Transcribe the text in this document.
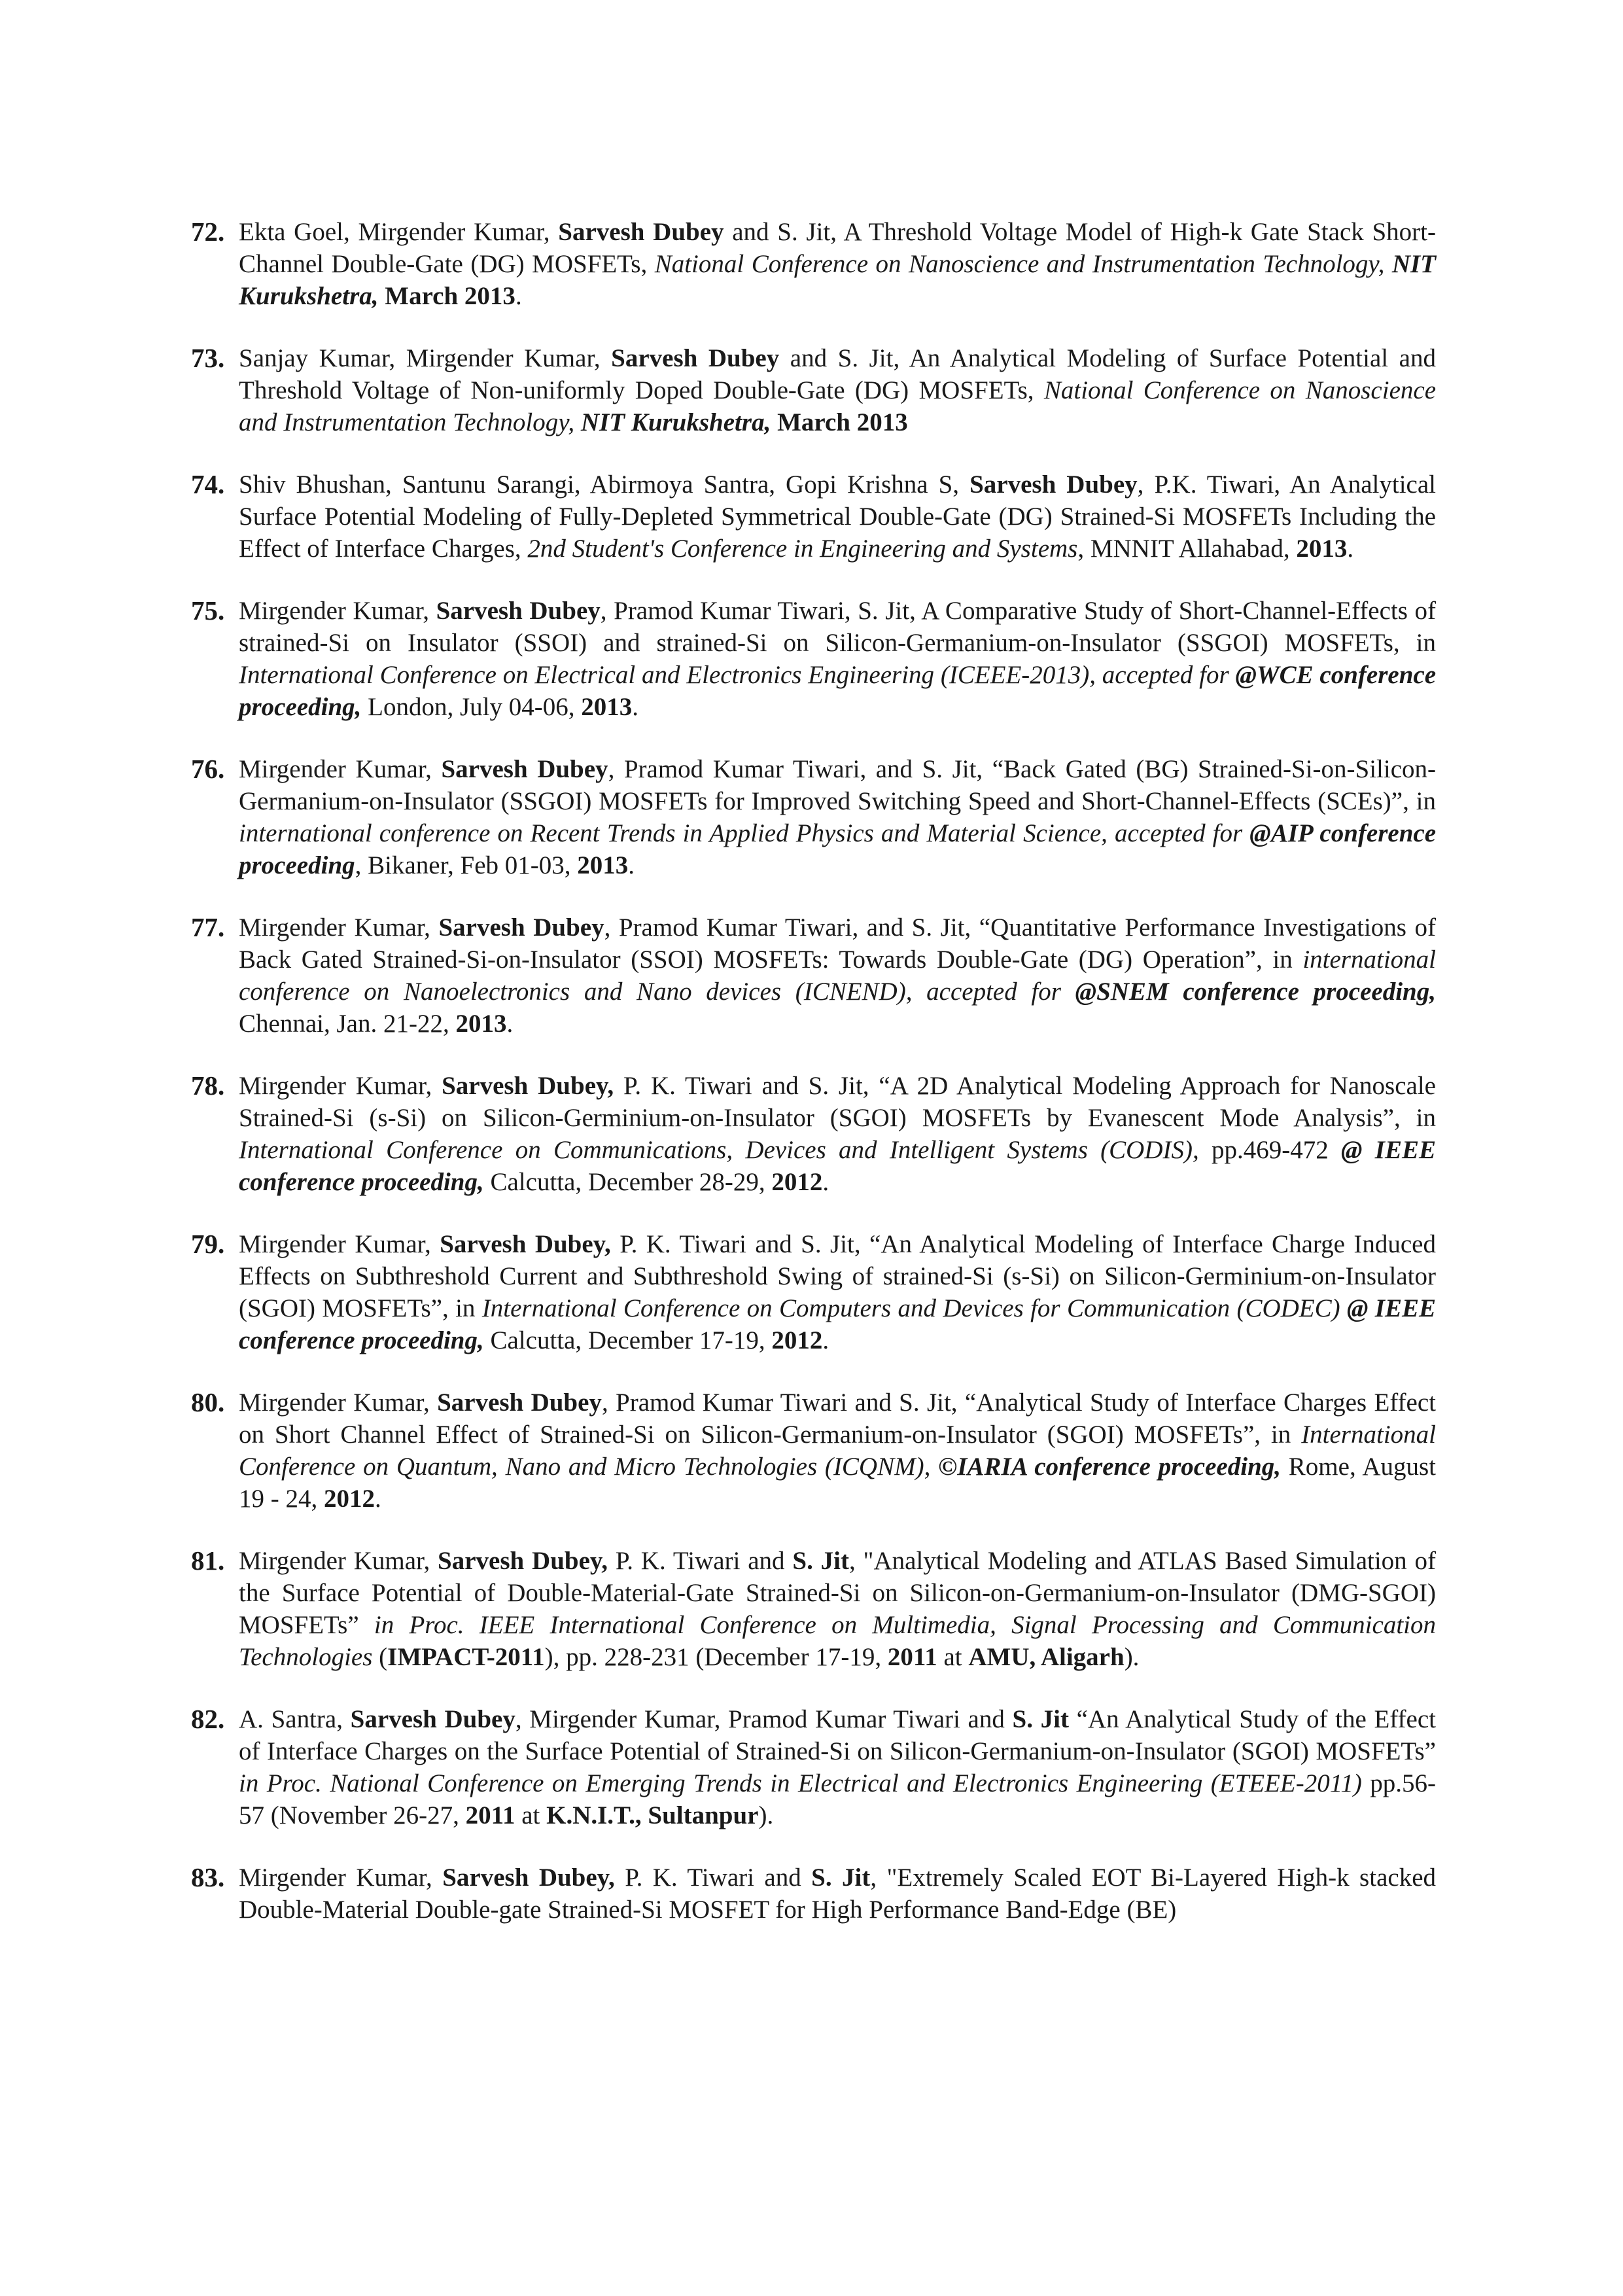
72. Ekta Goel, Mirgender Kumar, Sarvesh Dubey and S. Jit, A Threshold Voltage Model of High-k Gate Stack Short-Channel Double-Gate (DG) MOSFETs, National Conference on Nanoscience and Instrumentation Technology, NIT Kurukshetra, March 2013.
73. Sanjay Kumar, Mirgender Kumar, Sarvesh Dubey and S. Jit, An Analytical Modeling of Surface Potential and Threshold Voltage of Non-uniformly Doped Double-Gate (DG) MOSFETs, National Conference on Nanoscience and Instrumentation Technology, NIT Kurukshetra, March 2013
74. Shiv Bhushan, Santunu Sarangi, Abirmoya Santra, Gopi Krishna S, Sarvesh Dubey, P.K. Tiwari, An Analytical Surface Potential Modeling of Fully-Depleted Symmetrical Double-Gate (DG) Strained-Si MOSFETs Including the Effect of Interface Charges, 2nd Student's Conference in Engineering and Systems, MNNIT Allahabad, 2013.
75. Mirgender Kumar, Sarvesh Dubey, Pramod Kumar Tiwari, S. Jit, A Comparative Study of Short-Channel-Effects of strained-Si on Insulator (SSOI) and strained-Si on Silicon-Germanium-on-Insulator (SSGOI) MOSFETs, in International Conference on Electrical and Electronics Engineering (ICEEE-2013), accepted for @WCE conference proceeding, London, July 04-06, 2013.
76. Mirgender Kumar, Sarvesh Dubey, Pramod Kumar Tiwari, and S. Jit, “Back Gated (BG) Strained-Si-on-Silicon-Germanium-on-Insulator (SSGOI) MOSFETs for Improved Switching Speed and Short-Channel-Effects (SCEs)”, in international conference on Recent Trends in Applied Physics and Material Science, accepted for @AIP conference proceeding, Bikaner, Feb 01-03, 2013.
77. Mirgender Kumar, Sarvesh Dubey, Pramod Kumar Tiwari, and S. Jit, “Quantitative Performance Investigations of Back Gated Strained-Si-on-Insulator (SSOI) MOSFETs: Towards Double-Gate (DG) Operation”, in international conference on Nanoelectronics and Nano devices (ICNEND), accepted for @SNEM conference proceeding, Chennai, Jan. 21-22, 2013.
78. Mirgender Kumar, Sarvesh Dubey, P. K. Tiwari and S. Jit, “A 2D Analytical Modeling Approach for Nanoscale Strained-Si (s-Si) on Silicon-Germinium-on-Insulator (SGOI) MOSFETs by Evanescent Mode Analysis”, in International Conference on Communications, Devices and Intelligent Systems (CODIS), pp.469-472 @ IEEE conference proceeding, Calcutta, December 28-29, 2012.
79. Mirgender Kumar, Sarvesh Dubey, P. K. Tiwari and S. Jit, “An Analytical Modeling of Interface Charge Induced Effects on Subthreshold Current and Subthreshold Swing of strained-Si (s-Si) on Silicon-Germinium-on-Insulator (SGOI) MOSFETs”, in International Conference on Computers and Devices for Communication (CODEC) @ IEEE conference proceeding, Calcutta, December 17-19, 2012.
80. Mirgender Kumar, Sarvesh Dubey, Pramod Kumar Tiwari and S. Jit, “Analytical Study of Interface Charges Effect on Short Channel Effect of Strained-Si on Silicon-Germanium-on-Insulator (SGOI) MOSFETs”, in International Conference on Quantum, Nano and Micro Technologies (ICQNM), ©IARIA conference proceeding, Rome, August 19 - 24, 2012.
81. Mirgender Kumar, Sarvesh Dubey, P. K. Tiwari and S. Jit, "Analytical Modeling and ATLAS Based Simulation of the Surface Potential of Double-Material-Gate Strained-Si on Silicon-on-Germanium-on-Insulator (DMG-SGOI) MOSFETs” in Proc. IEEE International Conference on Multimedia, Signal Processing and Communication Technologies (IMPACT-2011), pp. 228-231 (December 17-19, 2011 at AMU, Aligarh).
82. A. Santra, Sarvesh Dubey, Mirgender Kumar, Pramod Kumar Tiwari and S. Jit “An Analytical Study of the Effect of Interface Charges on the Surface Potential of Strained-Si on Silicon-Germanium-on-Insulator (SGOI) MOSFETs” in Proc. National Conference on Emerging Trends in Electrical and Electronics Engineering (ETEEE-2011) pp.56-57 (November 26-27, 2011 at K.N.I.T., Sultanpur).
83. Mirgender Kumar, Sarvesh Dubey, P. K. Tiwari and S. Jit, "Extremely Scaled EOT Bi-Layered High-k stacked Double-Material Double-gate Strained-Si MOSFET for High Performance Band-Edge (BE)
